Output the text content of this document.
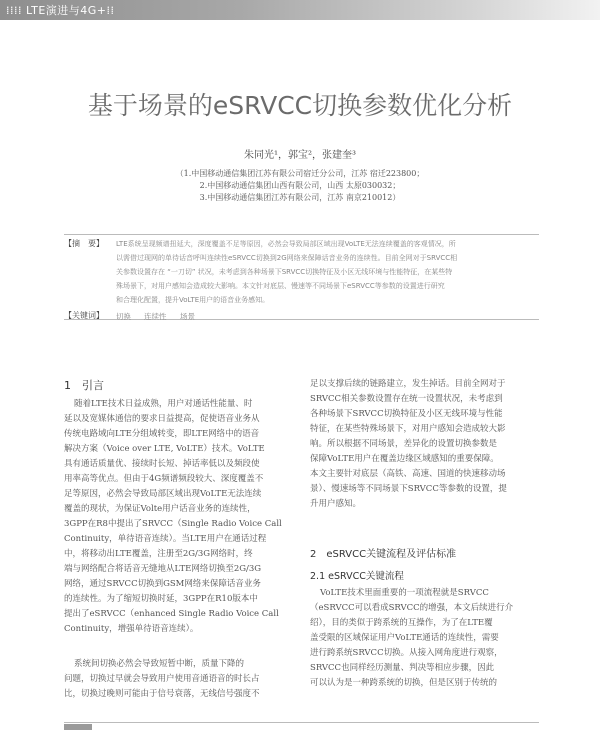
⁞⁞⁞⁞ LTE演进与4G+⁞⁞
基于场景的eSRVCC切换参数优化分析
朱同光¹，郭宝²，张建奎³
（1.中国移动通信集团江苏有限公司宿迁分公司，江苏 宿迁223800；
2.中国移动通信集团山西有限公司，山西 太原030032；
3.中国移动通信集团江苏有限公司，江苏 南京210012）
【摘　要】 LTE系统呈现频谱扭延大，深度覆盖不足等原因，必然会导致局部区域出现VoLTE无法连续覆盖的客观情况，所
以需借过现网的单待话音呼叫连续性eSRVCC切换到2G网络来保障话音业务的连续性。目前全网对于SRVCC相
关参数设置存在 “一刀切” 状况，未考虑到各种场景下SRVCC切换特征及小区无线环境与性能特征，在某些特
殊场景下，对用户感知会造成较大影响。本文针对底层、慢速等不同场景下eSRVCC等参数的设置进行研究
和合理化配置，提升VoLTE用户的语音业务感知。
【关键词】 切换 连续性 场景
1　引言
随着LTE技术日益成熟，用户对通话性能量、时
延以及宽媒体通信的要求日益提高，促使语音业务从
传统电路域向LTE分组域转变，即LTE网络中的语音
解决方案（Voice over LTE, VoLTE）技术。VoLTE
具有通话质量优、接续时长短、掉话率低以及频段使
用率高等优点。但由于4G频谱频段较大、深度覆盖不
足等原因，必然会导致局部区域出现VoLTE无法连续
覆盖的现状，为保证Volte用户话音业务的连续性，
3GPP在R8中提出了SRVCC（Single Radio Voice Call
Continuity，单待语音连续）。当LTE用户在通话过程
中，将移动出LTE覆盖，注册至2G/3G网络时，终
端与网络配合将话音无缝地从LTE网络切换至2G/3G
网络，通过SRVCC切换到GSM网络来保障话音业务
的连续性。为了缩短切换时延，3GPP在R10版本中
提出了eSRVCC（enhanced Single Radio Voice Call
Continuity，增强单待语音连续）。
系统间切换必然会导致短暂中断，质量下降的
问题，切换过早就会导致用户使用音通语音的时长占
比，切换过晚则可能由于信号衰落，无线信号强度不
足以支撑后续的链路建立，发生掉话。目前全网对于
SRVCC相关参数设置存在统一设置状况，未考虑到
各种场景下SRVCC切换特征及小区无线环境与性能
特征，在某些特殊场景下，对用户感知会造成较大影
响。所以根据不同场景，差异化的设置切换参数是
保障VoLTE用户在覆盖边缘区域感知的重要保障。
本文主要针对底层（高铁、高速、国道的快速移动场
景）、慢速场等不同场景下SRVCC等参数的设置，提
升用户感知。
2　eSRVCC关键流程及评估标准
2.1 eSRVCC关键流程
VoLTE技术里面重要的一项流程就是SRVCC
（eSRVCC可以看成SRVCC的增强，本文后续进行介
绍），目的类似于跨系统的互操作，为了在LTE覆
盖受限的区域保证用户VoLTE通话的连续性，需要
进行跨系统SRVCC切换。从接入网角度进行观察，
SRVCC也同样经历测量、判决等相应步骤，因此
可以认为是一种跨系统的切换，但是区别于传统的
